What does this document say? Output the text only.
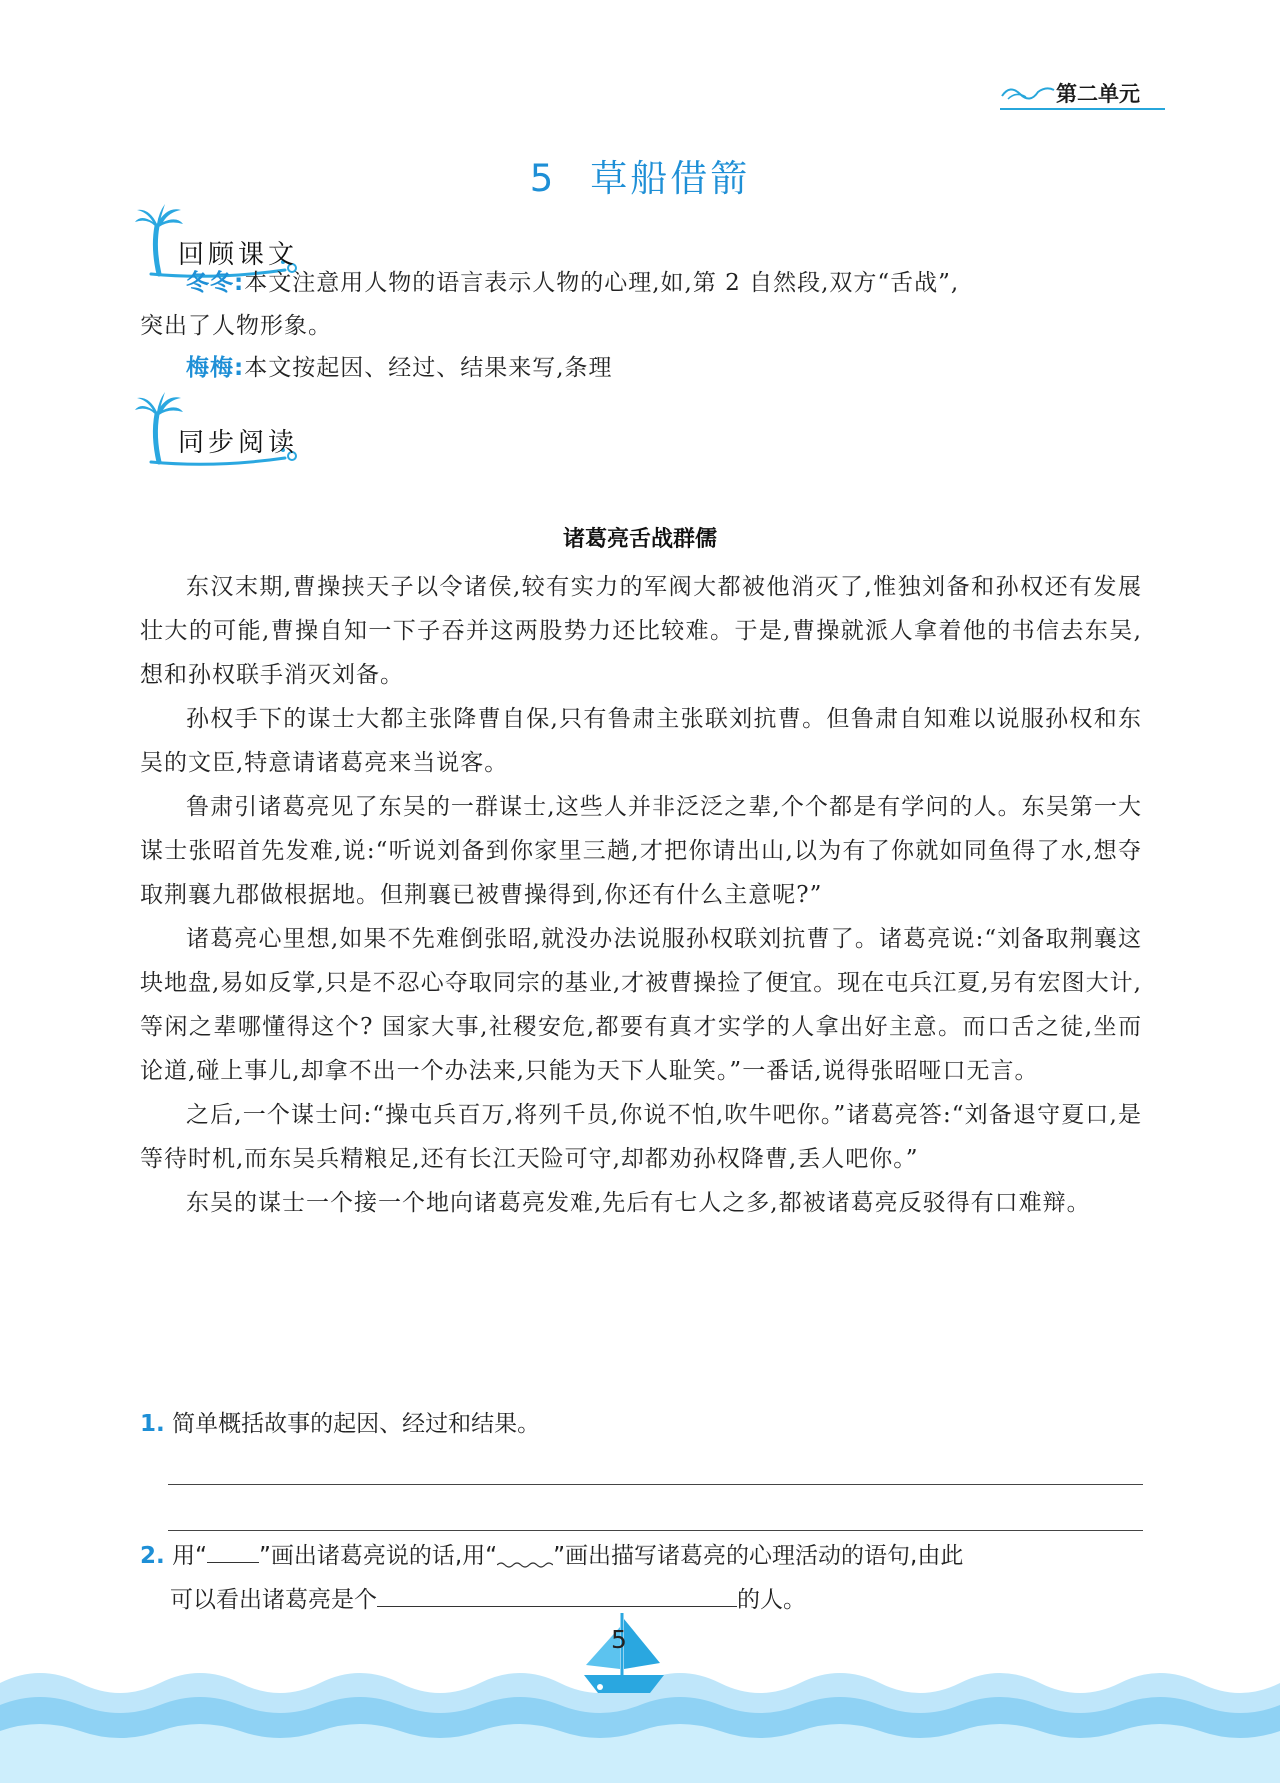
第二单元
5 草船借箭
回顾课文

冬冬:本文注意用人物的语言表示人物的心理,如,第 2 自然段,双方“舌战”,
突出了人物形象。

梅梅:本文按起因、经过、结果来写,条理

同步阅读
诸葛亮舌战群儒

东汉末期,曹操挟天子以令诸侯,较有实力的军阀大都被他消灭了,惟独刘备和孙权还有发展壮大的可能,曹操自知一下子吞并这两股势力还比较难。于是,曹操就派人拿着他的书信去东吴,想和孙权联手消灭刘备。

孙权手下的谋士大都主张降曹自保,只有鲁肃主张联刘抗曹。但鲁肃自知难以说服孙权和东吴的文臣,特意请诸葛亮来当说客。

鲁肃引诸葛亮见了东吴的一群谋士,这些人并非泛泛之辈,个个都是有学问的人。东吴第一大谋士张昭首先发难,说:“听说刘备到你家里三趟,才把你请出山,以为有了你就如同鱼得了水,想夺取荆襄九郡做根据地。但荆襄已被曹操得到,你还有什么主意呢?”

诸葛亮心里想,如果不先难倒张昭,就没办法说服孙权联刘抗曹了。诸葛亮说:“刘备取荆襄这块地盘,易如反掌,只是不忍心夺取同宗的基业,才被曹操捡了便宜。现在屯兵江夏,另有宏图大计,等闲之辈哪懂得这个? 国家大事,社稷安危,都要有真才实学的人拿出好主意。而口舌之徒,坐而论道,碰上事儿,却拿不出一个办法来,只能为天下人耻笑。”一番话,说得张昭哑口无言。

之后,一个谋士问:“操屯兵百万,将列千员,你说不怕,吹牛吧你。”诸葛亮答:“刘备退守夏口,是等待时机,而东吴兵精粮足,还有长江天险可守,却都劝孙权降曹,丢人吧你。”

东吴的谋士一个接一个地向诸葛亮发难,先后有七人之多,都被诸葛亮反驳得有口难辩。

1. 简单概括故事的起因、经过和结果。
2. 用“ ”画出诸葛亮说的话,用“ ”画出描写诸葛亮的心理活动的语句,由此
可以看出诸葛亮是个	的人。
5
